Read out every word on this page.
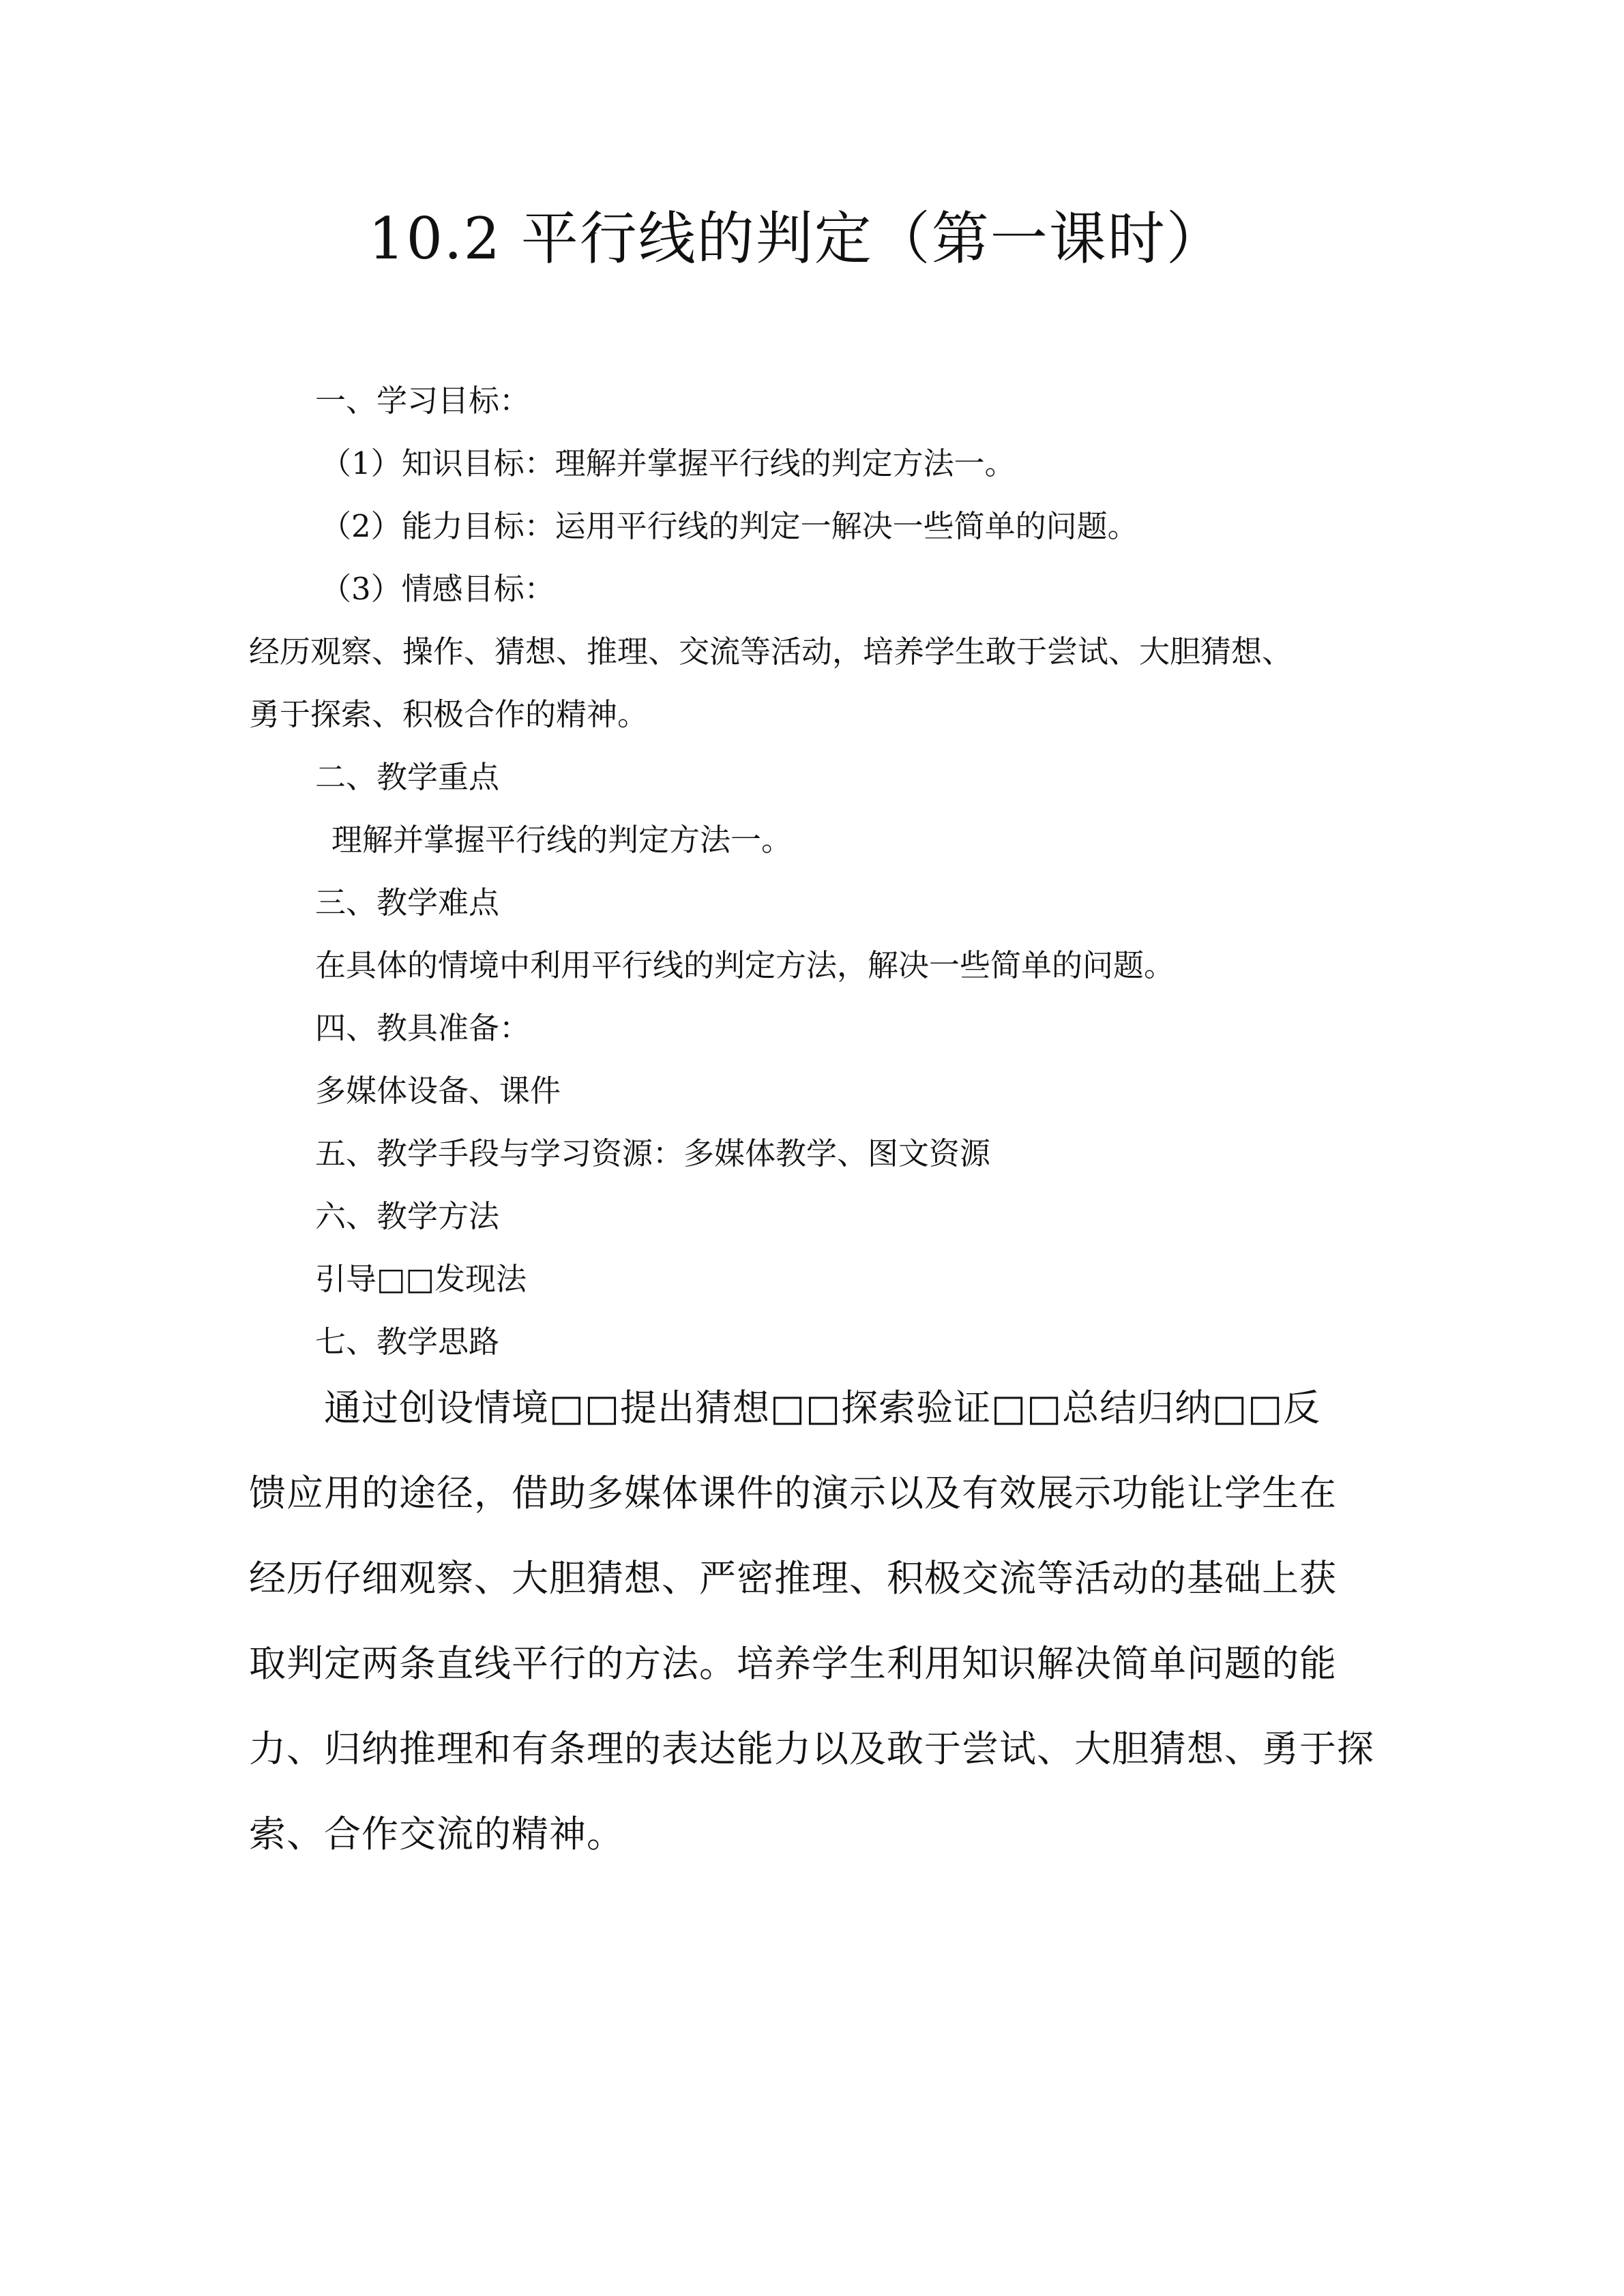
10.2 平行线的判定（第一课时）
一、学习目标：
（1）知识目标：理解并掌握平行线的判定方法一。
（2）能力目标：运用平行线的判定一解决一些简单的问题。
（3）情感目标：
经历观察、操作、猜想、推理、交流等活动，培养学生敢于尝试、大胆猜想、
勇于探索、积极合作的精神。
二、教学重点
理解并掌握平行线的判定方法一。
三、教学难点
在具体的情境中利用平行线的判定方法，解决一些简单的问题。
四、教具准备：
多媒体设备、课件
五、教学手段与学习资源：多媒体教学、图文资源
六、教学方法
引导□□发现法
七、教学思路
通过创设情境□□提出猜想□□探索验证□□总结归纳□□反
馈应用的途径，借助多媒体课件的演示以及有效展示功能让学生在
经历仔细观察、大胆猜想、严密推理、积极交流等活动的基础上获
取判定两条直线平行的方法。培养学生利用知识解决简单问题的能
力、归纳推理和有条理的表达能力以及敢于尝试、大胆猜想、勇于探
索、合作交流的精神。
